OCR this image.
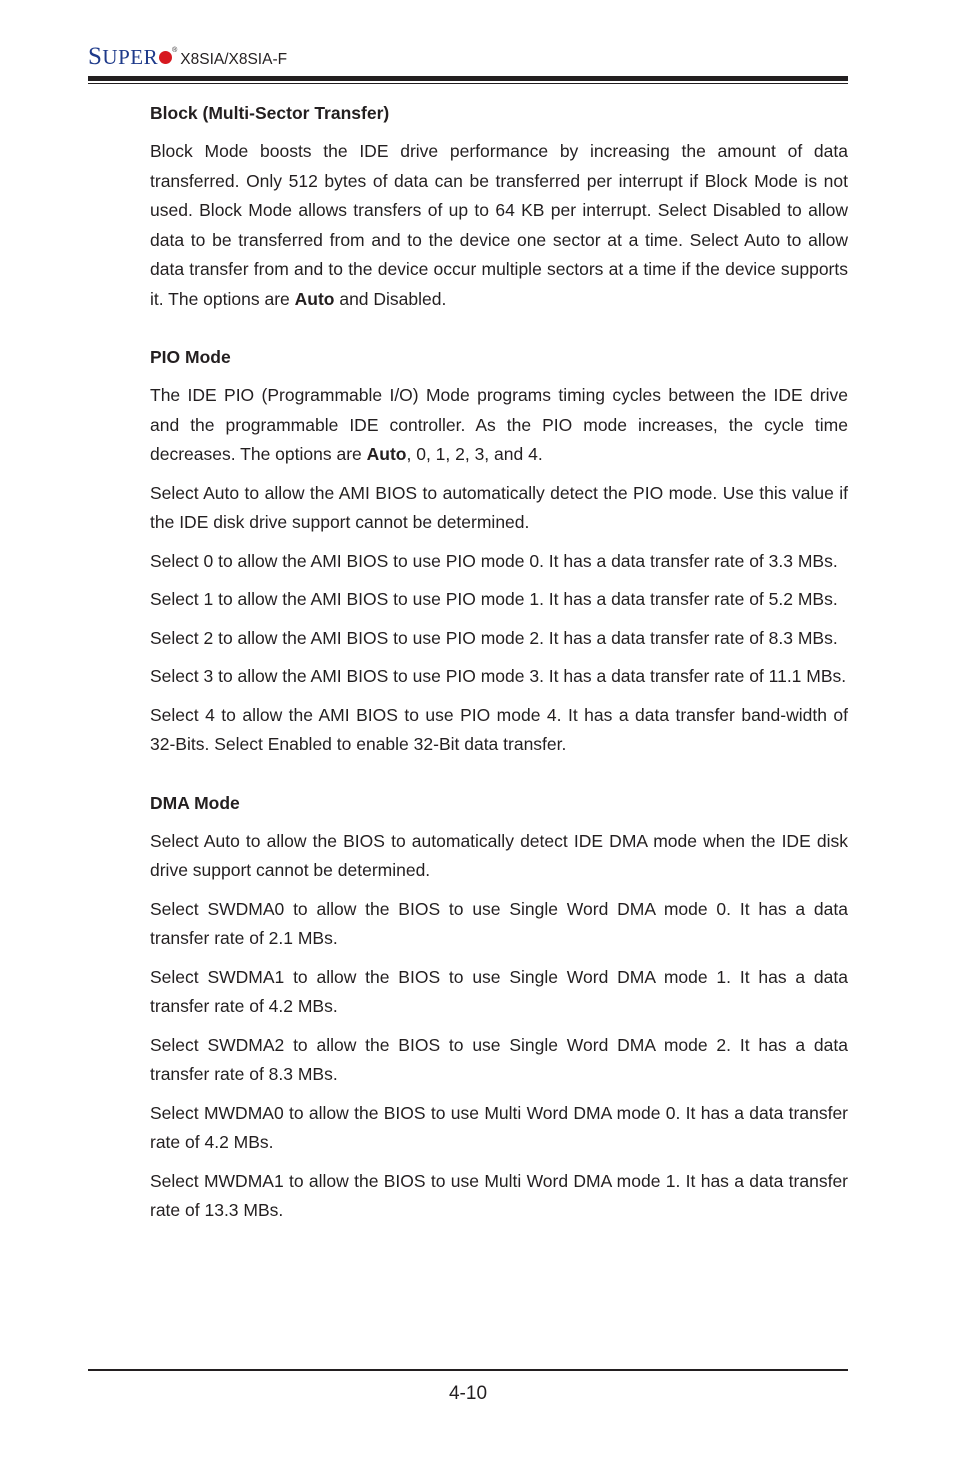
SUPER ®
X8SIA/X8SIA-F
Block (Multi-Sector Transfer)

Block Mode boosts the IDE drive performance by increasing the amount of data transferred. Only 512 bytes of data can be transferred per interrupt if Block Mode is not used. Block Mode allows transfers of up to 64 KB per interrupt. Select Disabled to allow data to be transferred from and to the device one sector at a time. Select Auto to allow data transfer from and to the device occur multiple sectors at a time if the device supports it. The options are Auto and Disabled.

PIO Mode

The IDE PIO (Programmable I/O) Mode programs timing cycles between the IDE drive and the programmable IDE controller. As the PIO mode increases, the cycle time decreases. The options are Auto, 0, 1, 2, 3, and 4.

Select Auto to allow the AMI BIOS to automatically detect the PIO mode. Use this value if the IDE disk drive support cannot be determined.

Select 0 to allow the AMI BIOS to use PIO mode 0. It has a data transfer rate of 3.3 MBs.

Select 1 to allow the AMI BIOS to use PIO mode 1. It has a data transfer rate of 5.2 MBs.

Select 2 to allow the AMI BIOS to use PIO mode 2. It has a data transfer rate of 8.3 MBs.

Select 3 to allow the AMI BIOS to use PIO mode 3. It has a data transfer rate of 11.1 MBs.

Select 4 to allow the AMI BIOS to use PIO mode 4. It has a data transfer band-width of 32-Bits. Select Enabled to enable 32-Bit data transfer.

DMA Mode

Select Auto to allow the BIOS to automatically detect IDE DMA mode when the IDE disk drive support cannot be determined.

Select SWDMA0 to allow the BIOS to use Single Word DMA mode 0. It has a data transfer rate of 2.1 MBs.

Select SWDMA1 to allow the BIOS to use Single Word DMA mode 1. It has a data transfer rate of 4.2 MBs.

Select SWDMA2 to allow the BIOS to use Single Word DMA mode 2. It has a data transfer rate of 8.3 MBs.

Select MWDMA0 to allow the BIOS to use Multi Word DMA mode 0. It has a data transfer rate of 4.2 MBs.

Select MWDMA1 to allow the BIOS to use Multi Word DMA mode 1. It has a data transfer rate of 13.3 MBs.

4-10
